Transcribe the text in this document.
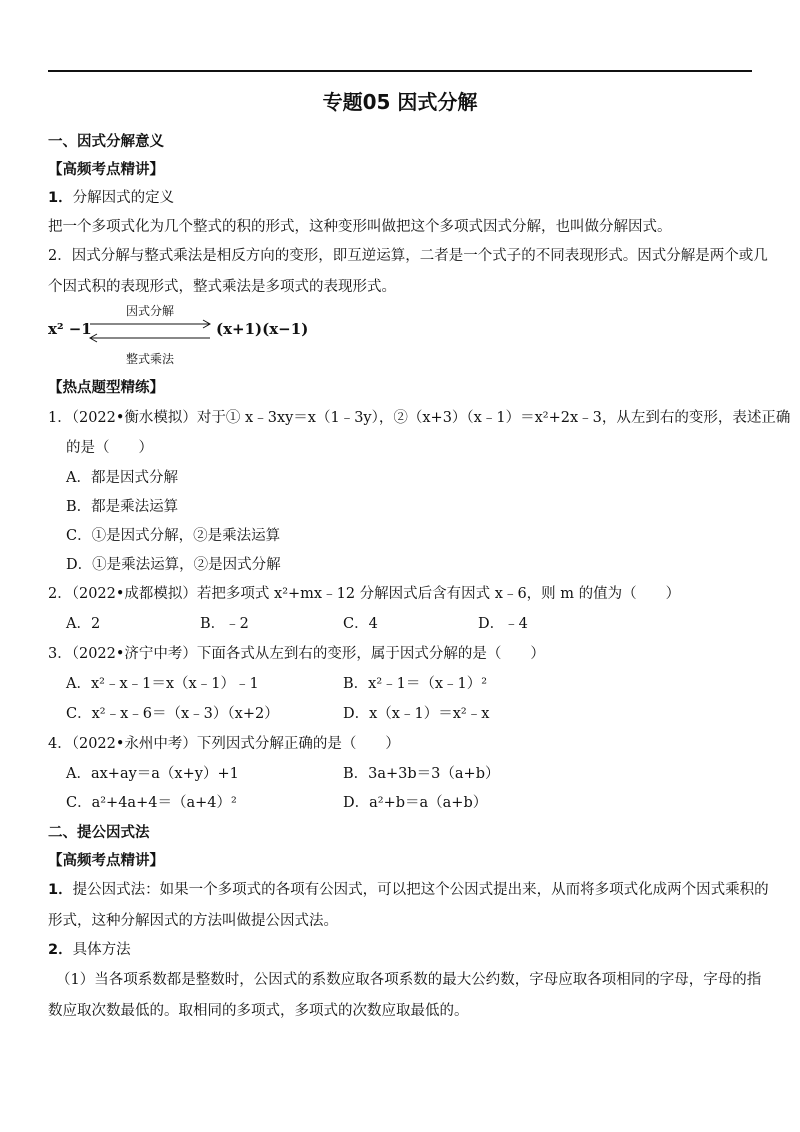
专题05 因式分解
一、因式分解意义
【高频考点精讲】
1．分解因式的定义
把一个多项式化为几个整式的积的形式，这种变形叫做把这个多项式因式分解，也叫做分解因式。
2．因式分解与整式乘法是相反方向的变形，即互逆运算，二者是一个式子的不同表现形式。因式分解是两个或几
个因式积的表现形式，整式乘法是多项式的表现形式。
x² −1
因式分解
(x+1)(x−1)
整式乘法
【热点题型精练】
1．（2022•衡水模拟）对于① x﹣3xy＝x（1﹣3y），②（x+3）（x﹣1）＝x²+2x﹣3，从左到右的变形，表述正确
的是（　　）
A．都是因式分解
B．都是乘法运算
C．①是因式分解，②是乘法运算
D．①是乘法运算，②是因式分解
2．（2022•成都模拟）若把多项式 x²+mx﹣12 分解因式后含有因式 x﹣6，则 m 的值为（　　）
A．2	B．﹣2	C．4	D．﹣4
3．（2022•济宁中考）下面各式从左到右的变形，属于因式分解的是（　　）
A．x²﹣x﹣1＝x（x﹣1）﹣1	B．x²﹣1＝（x﹣1）²
C．x²﹣x﹣6＝（x﹣3）（x+2）	D．x（x﹣1）＝x²﹣x
4．（2022•永州中考）下列因式分解正确的是（　　）
A．ax+ay＝a（x+y）+1	B．3a+3b＝3（a+b）
C．a²+4a+4＝（a+4）²	D．a²+b＝a（a+b）
二、提公因式法
【高频考点精讲】
1．提公因式法：如果一个多项式的各项有公因式，可以把这个公因式提出来，从而将多项式化成两个因式乘积的
形式，这种分解因式的方法叫做提公因式法。
2．具体方法
（1）当各项系数都是整数时，公因式的系数应取各项系数的最大公约数，字母应取各项相同的字母，字母的指
数应取次数最低的。取相同的多项式，多项式的次数应取最低的。
